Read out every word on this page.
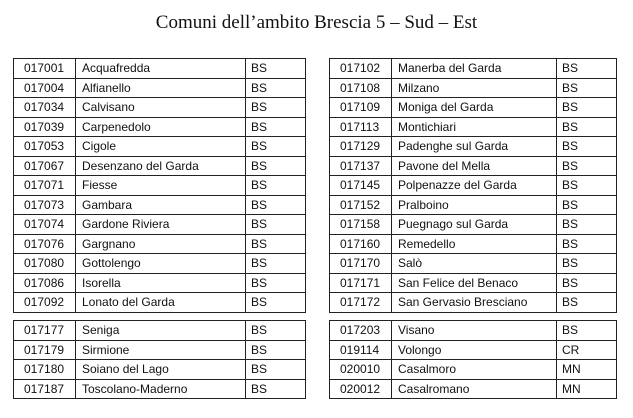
Comuni dell’ambito Brescia 5 – Sud – Est
017001	Acquafredda	BS
017004	Alfianello	BS
017034	Calvisano	BS
017039	Carpenedolo	BS
017053	Cigole	BS
017067	Desenzano del Garda	BS
017071	Fiesse	BS
017073	Gambara	BS
017074	Gardone Riviera	BS
017076	Gargnano	BS
017080	Gottolengo	BS
017086	Isorella	BS
017092	Lonato del Garda	BS
017102	Manerba del Garda	BS
017108	Milzano	BS
017109	Moniga del Garda	BS
017113	Montichiari	BS
017129	Padenghe sul Garda	BS
017137	Pavone del Mella	BS
017145	Polpenazze del Garda	BS
017152	Pralboino	BS
017158	Puegnago sul Garda	BS
017160	Remedello	BS
017170	Salò	BS
017171	San Felice del Benaco	BS
017172	San Gervasio Bresciano	BS
017177	Seniga	BS
017179	Sirmione	BS
017180	Soiano del Lago	BS
017187	Toscolano-Maderno	BS
017203	Visano	BS
019114	Volongo	CR
020010	Casalmoro	MN
020012	Casalromano	MN
